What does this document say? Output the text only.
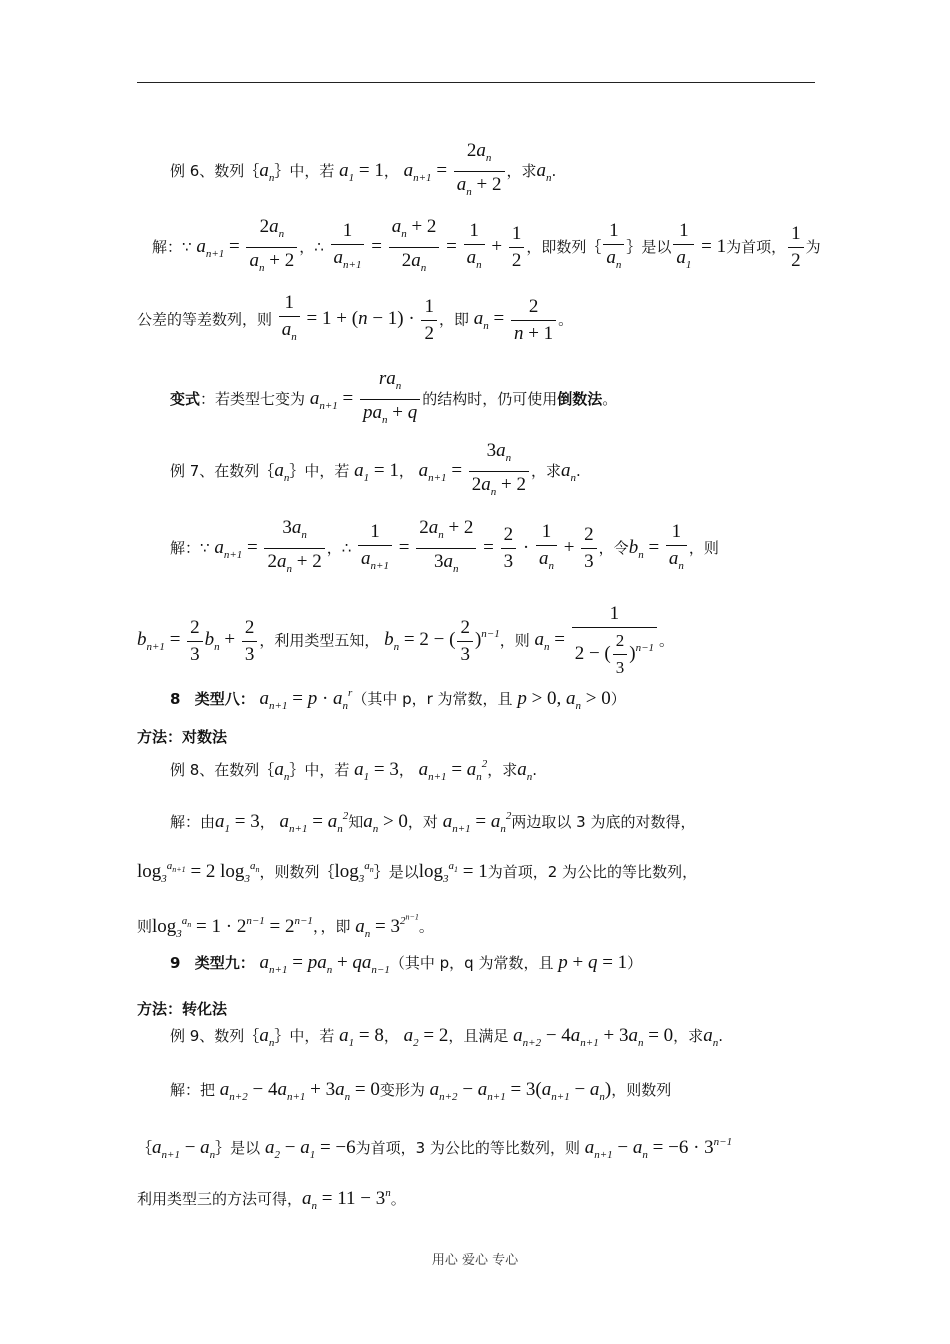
例 6、数列$\{a_n\}$中，若 $a_1 = 1$， $a_{n+1} = \frac{2a_n}{a_n + 2}$ ，求$a_n$.
解：∵ $a_{n+1} = \frac{2a_n}{a_n + 2}$ ，∴ $\frac{1}{a_{n+1}} = \frac{a_n + 2}{2a_n} = \frac{1}{a_n} + \frac{1}{2}$ ，即数列｛ $\frac{1}{a_n}$ ｝是以 $\frac{1}{a_1} = 1$为首项， $\frac{1}{2}$ 为
公差的等差数列，则 $\frac{1}{a_n} = 1 + (n - 1) \cdot \frac{1}{2}$ ，即 $a_n = \frac{2}{n + 1}$ 。
变式：若类型七变为 $a_{n+1} = \frac{ra_n}{pa_n + q}$ 的结构时，仍可使用倒数法。
例 7、在数列$\{a_n\}$中，若 $a_1 = 1$， $a_{n+1} = \frac{3a_n}{2a_n + 2}$ ，求$a_n$.
解：∵ $a_{n+1} = \frac{3a_n}{2a_n + 2}$ ，∴ $\frac{1}{a_{n+1}} = \frac{2a_n + 2}{3a_n} = \frac{2}{3} \cdot \frac{1}{a_n} + \frac{2}{3}$ ，令$b_n = \frac{1}{a_n}$ ，则
$b_{n+1} = \frac{2}{3} b_n + \frac{2}{3}$ ，利用类型五知， $b_n = 2$ − ( $\frac{2}{3} )^{n-1}$，则 $a_n = \frac{1}{2 - ( \frac{2}{3} )^{n-1}}$ 。
8 类型八： $a_{n+1} = p \cdot a_n^r$（其中 p，r 为常数，且 p > 0, $a_n > 0$）
方法：对数法
例 8、在数列$\{a_n\}$中，若 $a_1 = 3$， $a_{n+1} = a_n^2$，求$a_n$.
解：由$a_1 = 3$， $a_{n+1} = a_n^2$知$a_n > 0$，对 $a_{n+1} = a_n^2$两边取以 3 为底的对数得，
$\log_3^{a_{n+1}} = 2$ $\log_3^{a_n}$，则数列$\{\log_3^{a_n}\}$是以$\log_3^{a_1} = 1$为首项，2 为公比的等比数列，
则$\log_3^{a_n} = 1 \cdot 2^{n-1} = 2^{n-1}$，，即 $a_n = 3^{2^{n-1}}$。
9 类型九： $a_{n+1} = pa_n + qa_{n-1}$（其中 p，q 为常数，且 p + q = 1）
方法：转化法
例 9、数列$\{a_n\}$中，若 $a_1 = 8$， $a_2 = 2$，且满足 $a_{n+2} - 4a_{n+1} + 3a_n = 0$，求$a_n$.
解：把 $a_{n+2} - 4a_{n+1} + 3a_n = 0$变形为 $a_{n+2} - a_{n+1} = 3(a_{n+1} - a_n)$，则数列
$\{a_{n+1}$ − $a_n\}$是以 $a_2 - a_1 = -6$为首项，3 为公比的等比数列，则 $a_{n+1} - a_n = -6 \cdot 3^{n-1}$
利用类型三的方法可得，$a_n = 11 - 3^n$。
用心 爱心 专心
